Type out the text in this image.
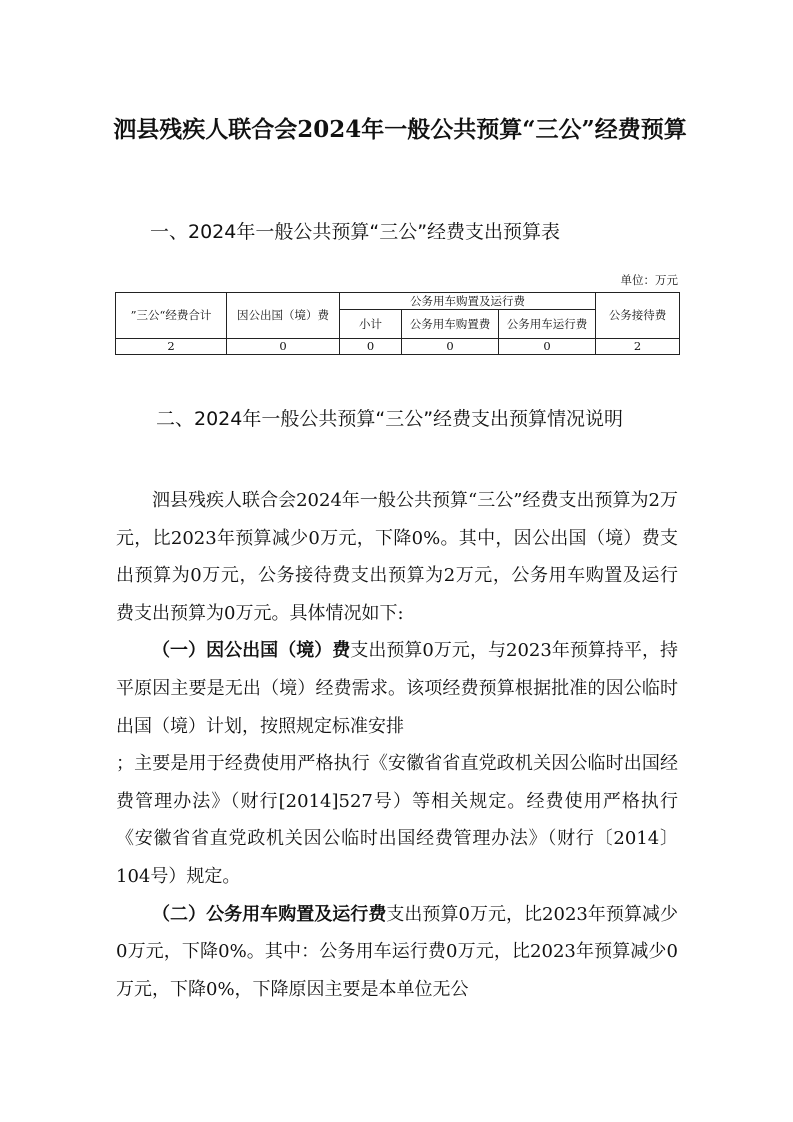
泗县残疾人联合会2024年一般公共预算“三公”经费预算
一、2024年一般公共预算“三公”经费支出预算表
单位：万元
”三公“经费合计	因公出国（境）费	公务用车购置及运行费			公务接待费
		小计	公务用车购置费	公务用车运行费	
2	0	0	0	0	2
二、2024年一般公共预算“三公”经费支出预算情况说明

泗县残疾人联合会2024年一般公共预算“三公”经费支出预算为2万元，比2023年预算减少0万元，下降0%。其中，因公出国（境）费支出预算为0万元，公务接待费支出预算为2万元，公务用车购置及运行费支出预算为0万元。具体情况如下:

（一）因公出国（境）费支出预算0万元，与2023年预算持平，持平原因主要是无出（境）经费需求。该项经费预算根据批准的因公临时出国（境）计划，按照规定标准安排

；主要是用于经费使用严格执行《安徽省省直党政机关因公临时出国经费管理办法》（财行[2014]527号）等相关规定。经费使用严格执行《安徽省省直党政机关因公临时出国经费管理办法》（财行〔2014〕104号）规定。

（二）公务用车购置及运行费支出预算0万元，比2023年预算减少0万元，下降0%。其中：公务用车运行费0万元，比2023年预算减少0万元，下降0%，下降原因主要是本单位无公
